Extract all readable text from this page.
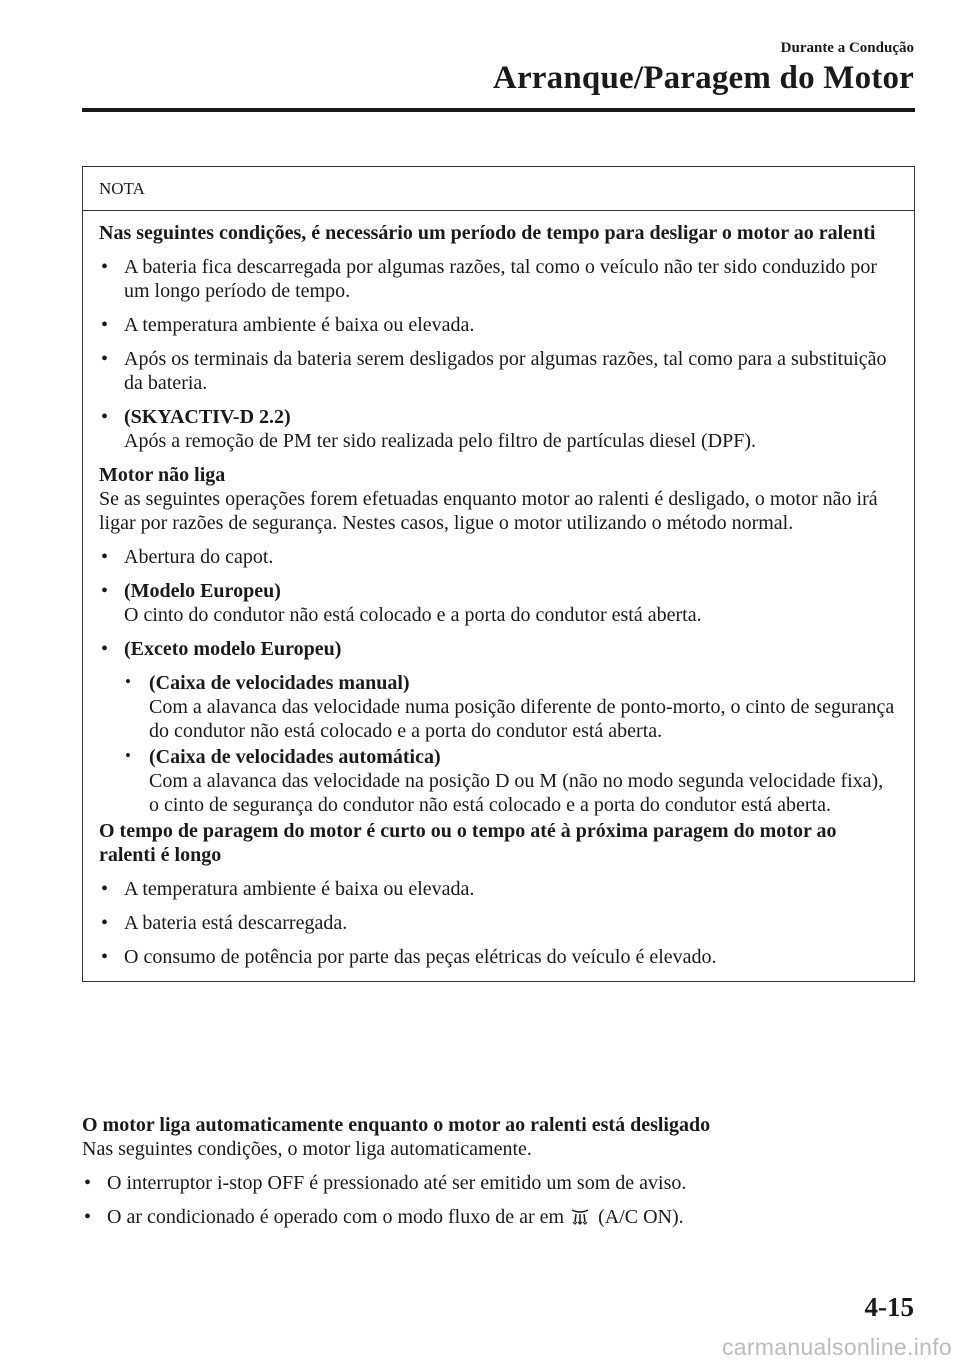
Durante a Condução
Arranque/Paragem do Motor
NOTA
Nas seguintes condições, é necessário um período de tempo para desligar o motor ao ralenti
• A bateria fica descarregada por algumas razões, tal como o veículo não ter sido conduzido por um longo período de tempo.
• A temperatura ambiente é baixa ou elevada.
• Após os terminais da bateria serem desligados por algumas razões, tal como para a substituição da bateria.
• (SKYACTIV-D 2.2)
Após a remoção de PM ter sido realizada pelo filtro de partículas diesel (DPF).
Motor não liga
Se as seguintes operações forem efetuadas enquanto motor ao ralenti é desligado, o motor não irá ligar por razões de segurança. Nestes casos, ligue o motor utilizando o método normal.
• Abertura do capot.
• (Modelo Europeu)
O cinto do condutor não está colocado e a porta do condutor está aberta.
• (Exceto modelo Europeu)
• (Caixa de velocidades manual)
Com a alavanca das velocidade numa posição diferente de ponto-morto, o cinto de segurança do condutor não está colocado e a porta do condutor está aberta.
• (Caixa de velocidades automática)
Com a alavanca das velocidade na posição D ou M (não no modo segunda velocidade fixa), o cinto de segurança do condutor não está colocado e a porta do condutor está aberta.
O tempo de paragem do motor é curto ou o tempo até à próxima paragem do motor ao ralenti é longo
• A temperatura ambiente é baixa ou elevada.
• A bateria está descarregada.
• O consumo de potência por parte das peças elétricas do veículo é elevado.
O motor liga automaticamente enquanto o motor ao ralenti está desligado
Nas seguintes condições, o motor liga automaticamente.
• O interruptor i-stop OFF é pressionado até ser emitido um som de aviso.
• O ar condicionado é operado com o modo fluxo de ar em (A/C ON).
4-15
carmanualsonline.info
